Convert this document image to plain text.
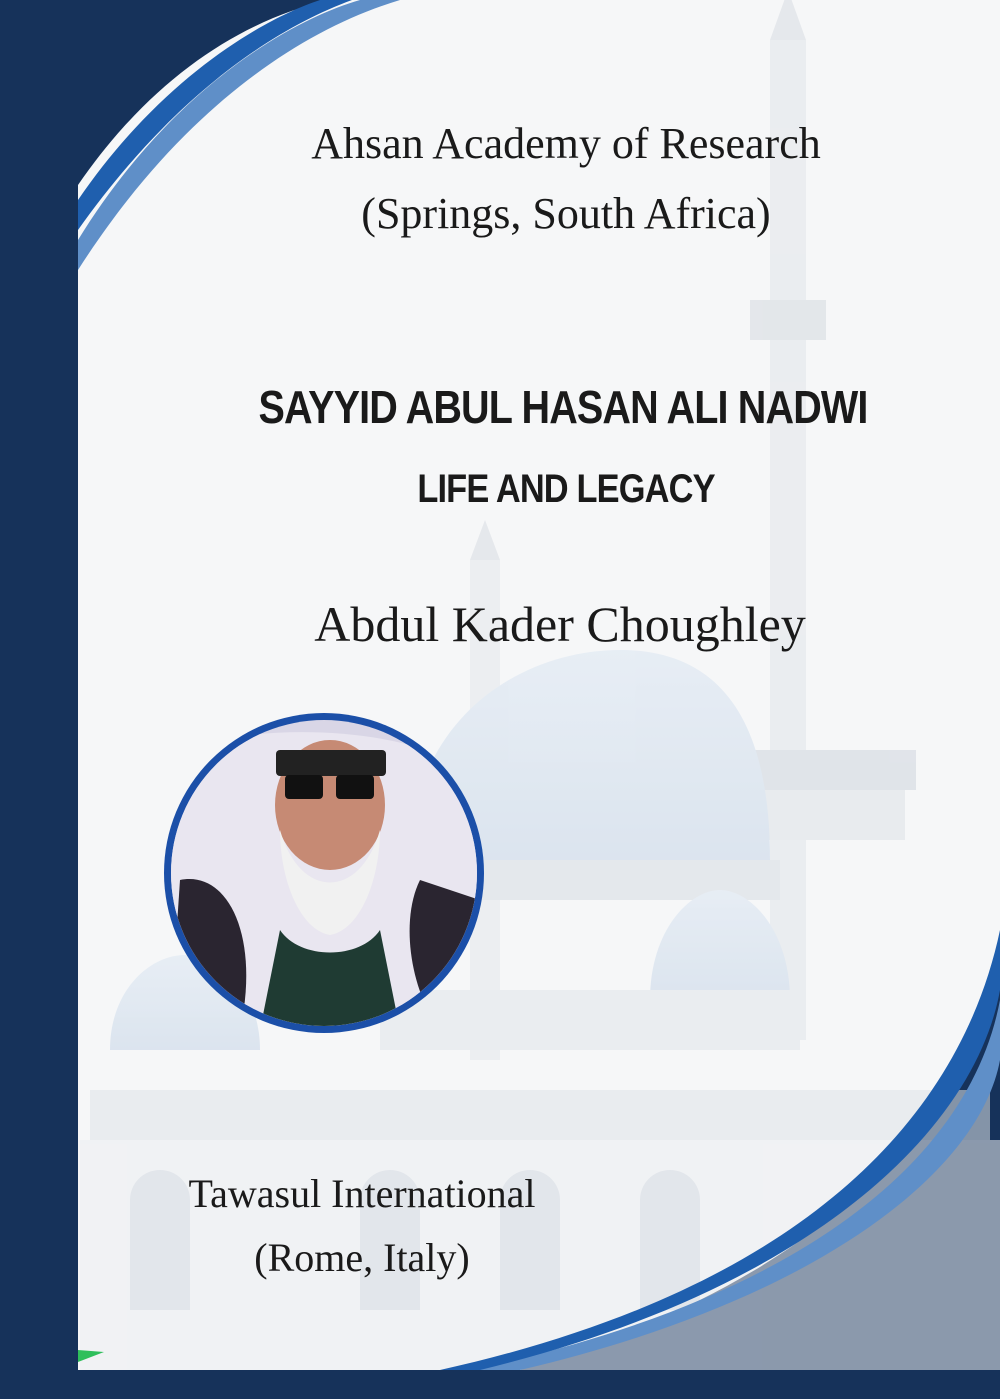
Ahsan Academy of Research
(Springs, South Africa)
SAYYID ABUL HASAN ALI NADWI
LIFE AND LEGACY
Abdul Kader Choughley
Tawasul International
(Rome, Italy)
